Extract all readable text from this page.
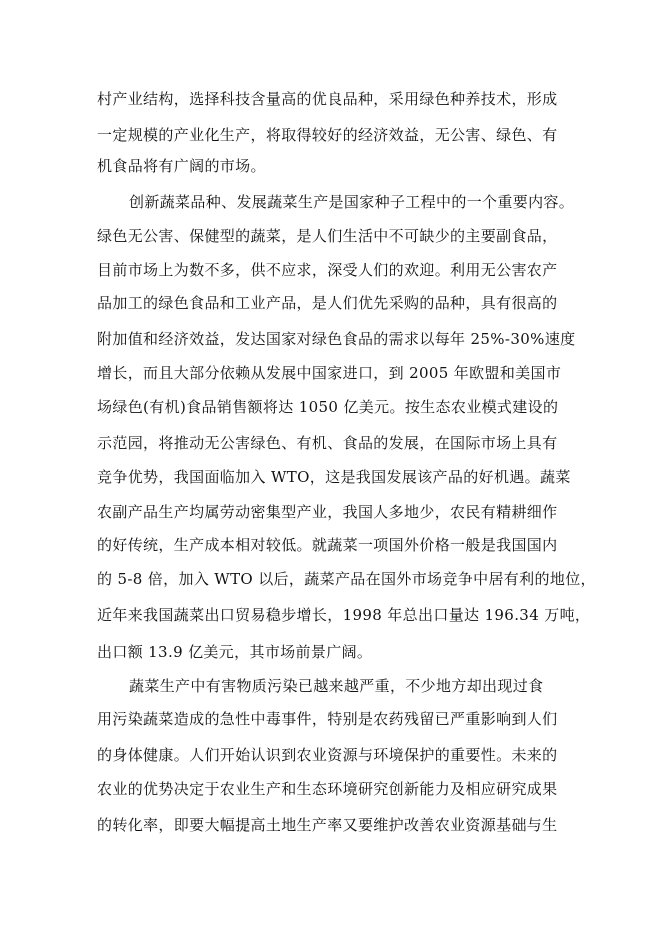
村产业结构，选择科技含量高的优良品种，采用绿色种养技术，形成
一定规模的产业化生产，将取得较好的经济效益，无公害、绿色、有
机食品将有广阔的市场。
创新蔬菜品种、发展蔬菜生产是国家种子工程中的一个重要内容。
绿色无公害、保健型的蔬菜，是人们生活中不可缺少的主要副食品，
目前市场上为数不多，供不应求，深受人们的欢迎。利用无公害农产
品加工的绿色食品和工业产品，是人们优先采购的品种，具有很高的
附加值和经济效益，发达国家对绿色食品的需求以每年 25%-30%速度
增长，而且大部分依赖从发展中国家进口，到 2005 年欧盟和美国市
场绿色(有机)食品销售额将达 1050 亿美元。按生态农业模式建设的
示范园，将推动无公害绿色、有机、食品的发展，在国际市场上具有
竞争优势，我国面临加入 WTO，这是我国发展该产品的好机遇。蔬菜
农副产品生产均属劳动密集型产业，我国人多地少，农民有精耕细作
的好传统，生产成本相对较低。就蔬菜一项国外价格一般是我国国内
的 5-8 倍，加入 WTO 以后，蔬菜产品在国外市场竞争中居有利的地位，
近年来我国蔬菜出口贸易稳步增长，1998 年总出口量达 196.34 万吨，
出口额 13.9 亿美元，其市场前景广阔。
蔬菜生产中有害物质污染已越来越严重，不少地方却出现过食
用污染蔬菜造成的急性中毒事件，特别是农药残留已严重影响到人们
的身体健康。人们开始认识到农业资源与环境保护的重要性。未来的
农业的优势决定于农业生产和生态环境研究创新能力及相应研究成果
的转化率，即要大幅提高土地生产率又要维护改善农业资源基础与生
